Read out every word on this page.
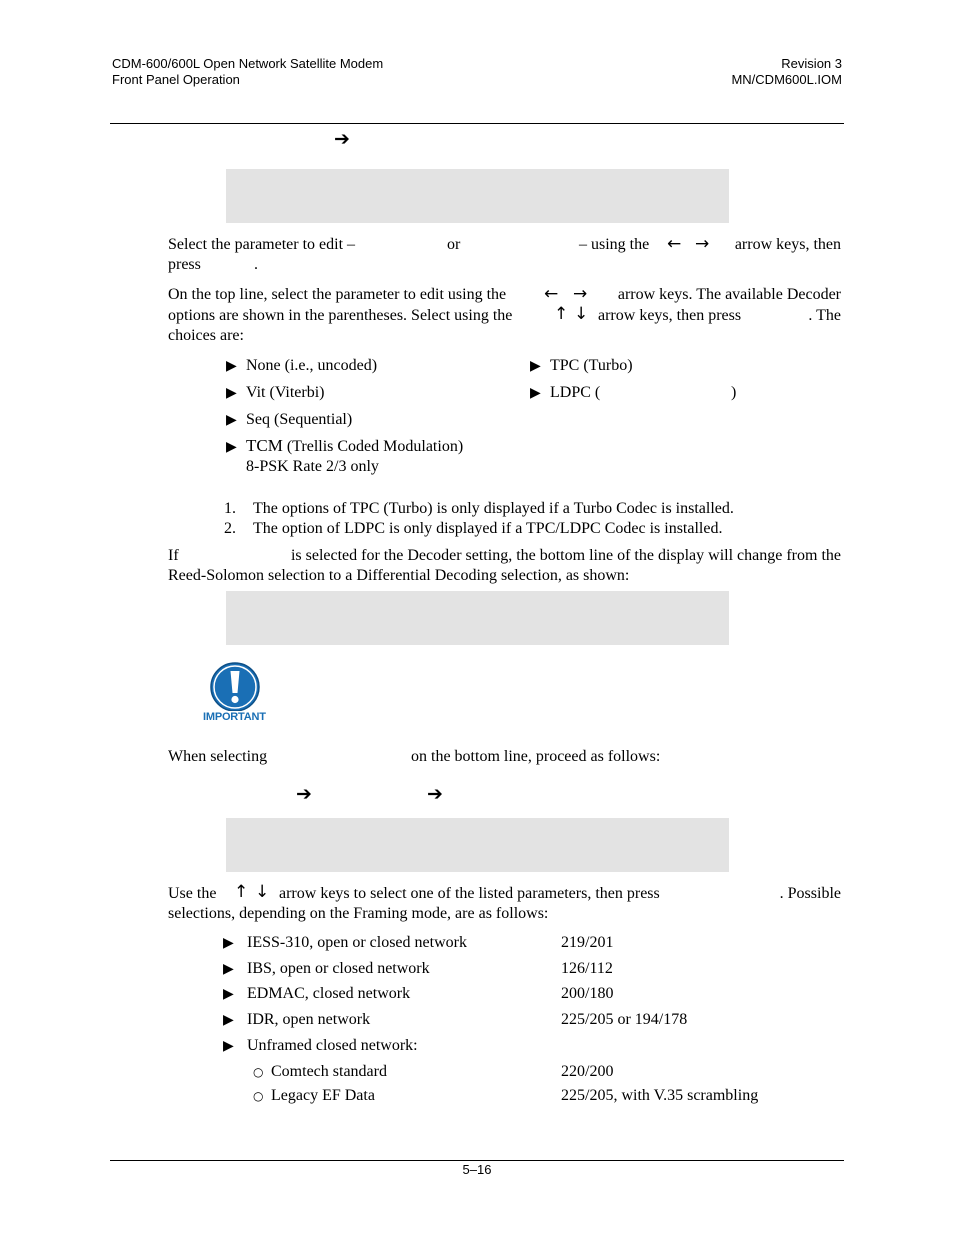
CDM-600/600L Open Network Satellite Modem
Front Panel Operation
Revision 3
MN/CDM600L.IOM
➔
Select the parameter to edit –	or	– using the ← → arrow keys, then
press	.
On the top line, select the parameter to edit using the ← → arrow keys. The available Decoder
options are shown in the parentheses. Select using the ↑ ↓ arrow keys, then press	. The
choices are:
▶ None (i.e., uncoded)
▶ Vit (Viterbi)
▶ Seq (Sequential)
▶ TCM (Trellis Coded Modulation)
8-PSK Rate 2/3 only
▶ TPC (Turbo)
▶ LDPC (	)
1. The options of TPC (Turbo) is only displayed if a Turbo Codec is installed.
2. The option of LDPC is only displayed if a TPC/LDPC Codec is installed.
If	is selected for the Decoder setting, the bottom line of the display will change from the
Reed-Solomon selection to a Differential Decoding selection, as shown:
IMPORTANT
When selecting	on the bottom line, proceed as follows:
➔	➔
Use the ↑ ↓ arrow keys to select one of the listed parameters, then press	. Possible
selections, depending on the Framing mode, are as follows:
▶ IESS-310, open or closed network	219/201
▶ IBS, open or closed network	126/112
▶ EDMAC, closed network	200/180
▶ IDR, open network	225/205 or 194/178
▶ Unframed closed network:
○ Comtech standard	220/200
○ Legacy EF Data	225/205, with V.35 scrambling
5–16
